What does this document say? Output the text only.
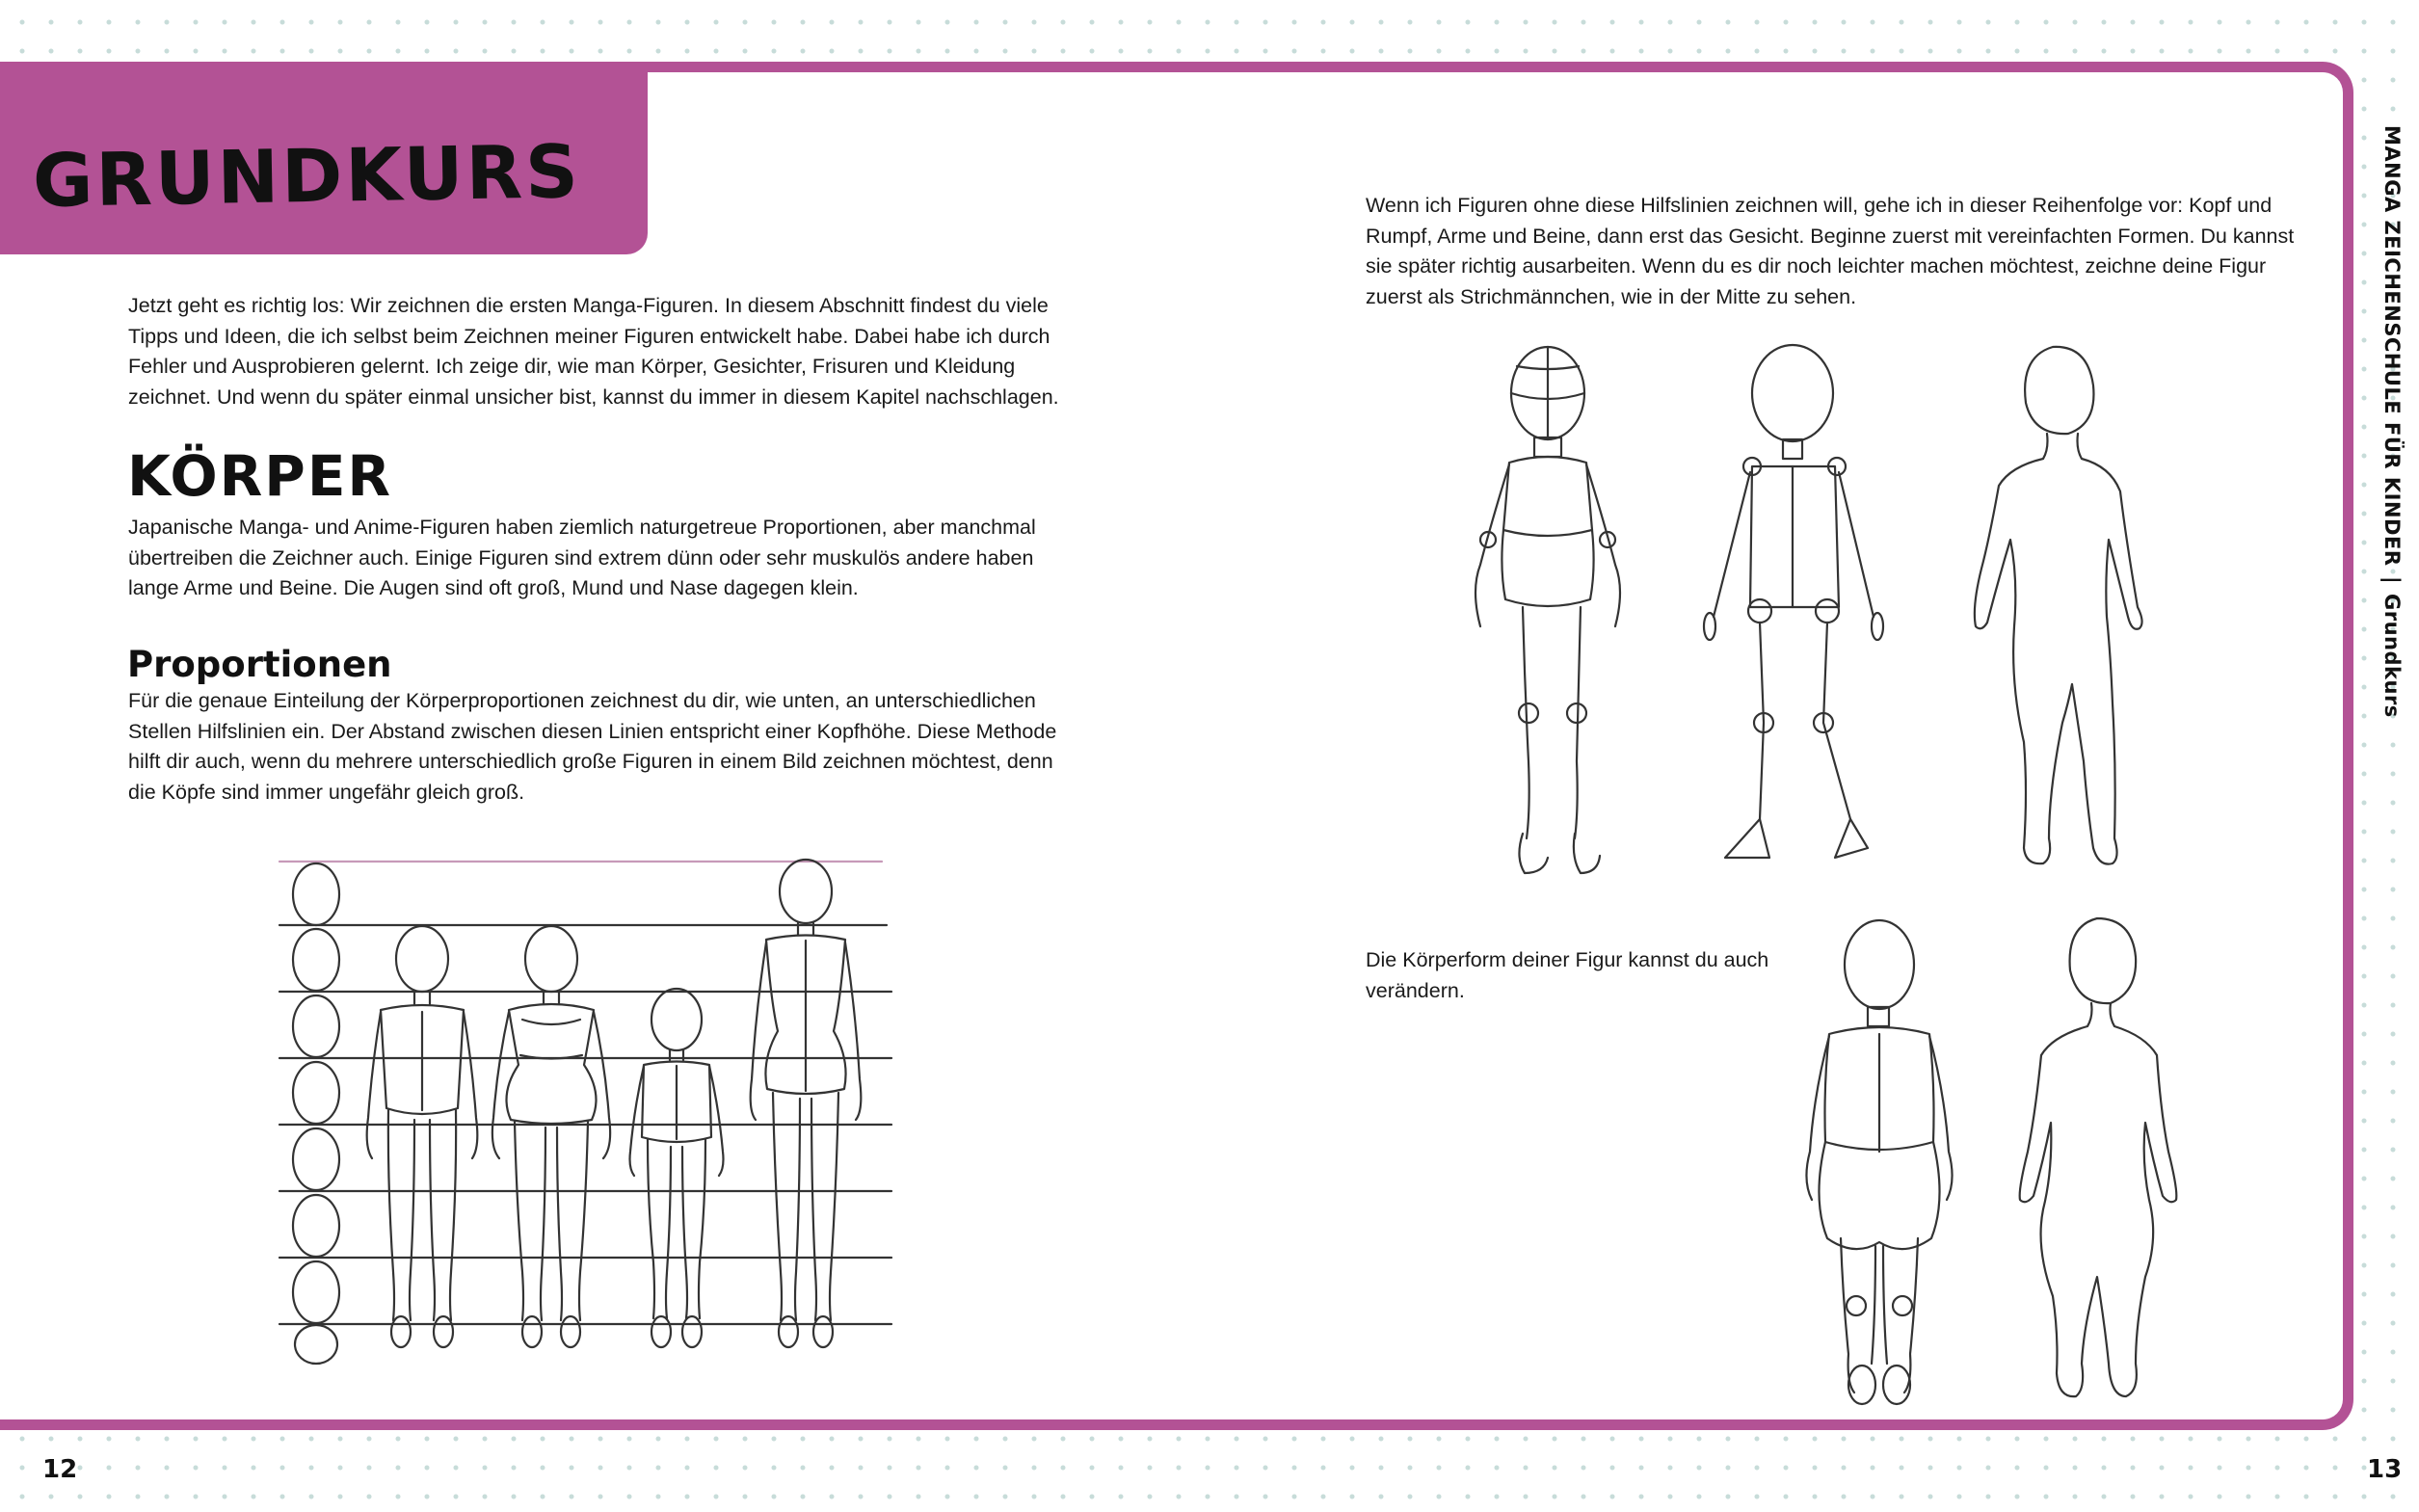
GRUNDKURS

Jetzt geht es richtig los: Wir zeichnen die ersten Manga-Figuren. In diesem Abschnitt findest du viele Tipps und Ideen, die ich selbst beim Zeichnen meiner Figuren entwickelt habe. Dabei habe ich durch Fehler und Ausprobieren gelernt. Ich zeige dir, wie man Körper, Gesichter, Frisuren und Kleidung zeichnet. Und wenn du später einmal unsicher bist, kannst du immer in diesem Kapitel nachschlagen.

KÖRPER

Japanische Manga- und Anime-Figuren haben ziemlich naturgetreue Proportionen, aber manchmal übertreiben die Zeichner auch. Einige Figuren sind extrem dünn oder sehr muskulös andere haben lange Arme und Beine. Die Augen sind oft groß, Mund und Nase dagegen klein.

Proportionen

Für die genaue Einteilung der Körperproportionen zeichnest du dir, wie unten, an unterschiedlichen Stellen Hilfslinien ein. Der Abstand zwischen diesen Linien entspricht einer Kopfhöhe. Diese Methode hilft dir auch, wenn du mehrere unterschiedlich große Figuren in einem Bild zeichnen möchtest, denn die Köpfe sind immer ungefähr gleich groß.

Wenn ich Figuren ohne diese Hilfslinien zeichnen will, gehe ich in dieser Reihenfolge vor: Kopf und Rumpf, Arme und Beine, dann erst das Gesicht. Beginne zuerst mit vereinfachten Formen. Du kannst sie später richtig ausarbeiten. Wenn du es dir noch leichter machen möchtest, zeichne deine Figur zuerst als Strichmännchen, wie in der Mitte zu sehen.

Die Körperform deiner Figur kannst du auch verändern.

MANGA ZEICHENSCHULE FÜR KINDER
|
Grundkurs
12	13
